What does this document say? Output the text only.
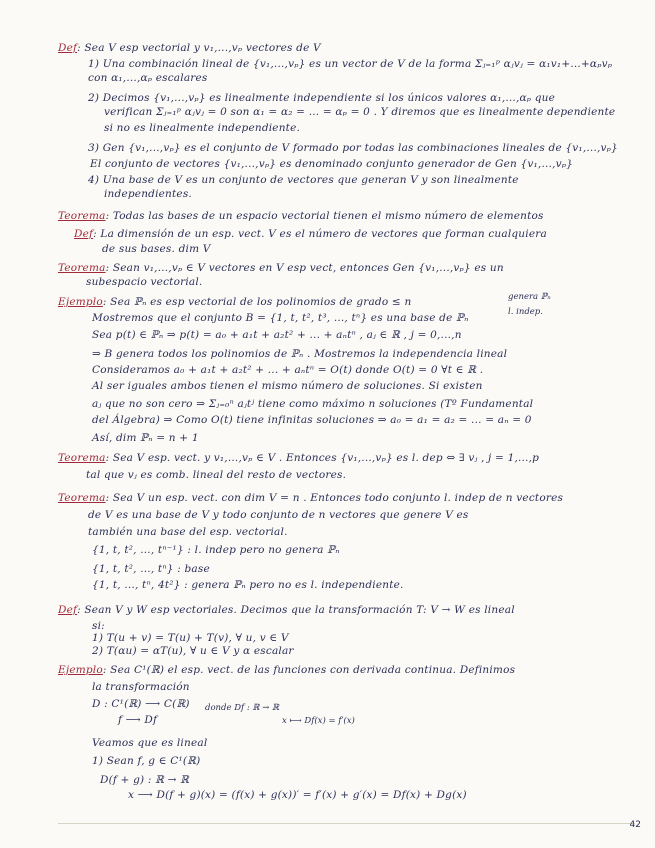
Def: Sea V esp vectorial y v₁,...,vₚ vectores de V
1) Una combinación lineal de {v₁,...,vₚ} es un vector de V de la forma Σⱼ₌₁ᵖ αⱼvⱼ = α₁v₁+...+αₚvₚ
con α₁,...,αₚ escalares
2) Decimos {v₁,...,vₚ} es linealmente independiente si los únicos valores α₁,...,αₚ que
verifican Σⱼ₌₁ᵖ αⱼvⱼ = 0 son α₁ = α₂ = ... = αₚ = 0 . Y diremos que es linealmente dependiente
si no es linealmente independiente.
3) Gen {v₁,...,vₚ} es el conjunto de V formado por todas las combinaciones lineales de {v₁,...,vₚ}
El conjunto de vectores {v₁,...,vₚ} es denominado conjunto generador de Gen {v₁,...,vₚ}
4) Una base de V es un conjunto de vectores que generan V y son linealmente
independientes.
Teorema: Todas las bases de un espacio vectorial tienen el mismo número de elementos
Def: La dimensión de un esp. vect. V es el número de vectores que forman cualquiera
de sus bases. dim V
Teorema: Sean v₁,...,vₚ ∈ V vectores en V esp vect, entonces Gen {v₁,...,vₚ} es un
subespacio vectorial.
Ejemplo: Sea ℙₙ es esp vectorial de los polinomios de grado ≤ n
Mostremos que el conjunto B = {1, t, t², t³, ..., tⁿ} es una base de ℙₙ
Sea p(t) ∈ ℙₙ ⇒ p(t) = a₀ + a₁t + a₂t² + ... + aₙtⁿ , aⱼ ∈ ℝ , j = 0,...,n
⇒ B genera todos los polinomios de ℙₙ . Mostremos la independencia lineal
Consideramos a₀ + a₁t + a₂t² + ... + aₙtⁿ = O(t) donde O(t) = 0 ∀t ∈ ℝ .
Al ser iguales ambos tienen el mismo número de soluciones. Si existen
aⱼ que no son cero ⇒ Σⱼ₌₀ⁿ aⱼtʲ tiene como máximo n soluciones (Tº Fundamental
del Álgebra) ⇒ Como O(t) tiene infinitas soluciones ⇒ a₀ = a₁ = a₂ = ... = aₙ = 0
Así, dim ℙₙ = n + 1
Teorema: Sea V esp. vect. y v₁,...,vₚ ∈ V . Entonces {v₁,...,vₚ} es l. dep ⇔ ∃ vⱼ , j = 1,...,p
tal que vⱼ es comb. lineal del resto de vectores.
Teorema: Sea V un esp. vect. con dim V = n . Entonces todo conjunto l. indep de n vectores
de V es una base de V y todo conjunto de n vectores que genere V es
también una base del esp. vectorial.
{1, t, t², ..., tⁿ⁻¹} : l. indep pero no genera ℙₙ
{1, t, t², ..., tⁿ} : base
{1, t, ..., tⁿ, 4t²} : genera ℙₙ pero no es l. independiente.
Def: Sean V y W esp vectoriales. Decimos que la transformación T: V → W es lineal
si:
1) T(u + v) = T(u) + T(v), ∀ u, v ∈ V
2) T(αu) = αT(u), ∀ u ∈ V y α escalar
Ejemplo: Sea C¹(ℝ) el esp. vect. de las funciones con derivada continua. Definimos
la transformación
D : C¹(ℝ) ⟶ C(ℝ)
f ⟶ Df
Veamos que es lineal
1) Sean f, g ∈ C¹(ℝ)
D(f + g) : ℝ → ℝ
x ⟶ D(f + g)(x) = (f(x) + g(x))′ = f′(x) + g′(x) = Df(x) + Dg(x)
genera ℙₙ
l. indep.
donde Df : ℝ → ℝ
x ⟼ Df(x) = f′(x)
42
